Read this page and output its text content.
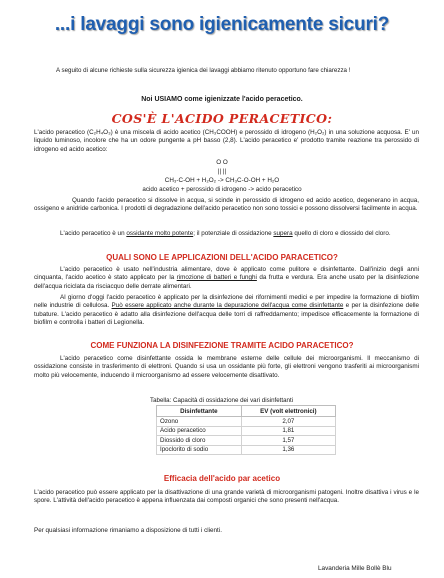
...i lavaggi sono igienicamente sicuri?
A seguito di alcune richieste sulla sicurezza igienica dei lavaggi abbiamo ritenuto opportuno fare chiarezza !
Noi USIAMO come igienizzate l'acido peracetico.
COS'È L'ACIDO PERACETICO:
L'acido peracetico (C₂H₄O₃) è una miscela di acido acetico (CH₃COOH) e perossido di idrogeno (H₂O₂) in una soluzione acquosa. E' un liquido luminoso, incolore che ha un odore pungente a pH basso (2,8). L'acido peracetico e' prodotto tramite reazione tra perossido di idrogeno ed acido acetico:
O O
|| ||
CH₃-C-OH + H₂O₂ -> CH₃C-O-OH + H₂O
acido acetico + perossido di idrogeno -> acido peracetico
Quando l'acido peracetico si dissolve in acqua, si scinde in perossido di idrogeno ed acido acetico, degenerano in acqua, ossigeno e anidride carbonica. I prodotti di degradazione dell'acido peracetico non sono tossici e possono dissolversi facilmente in acqua.
L'acido peracetico è un ossidante molto potente; il potenziale di ossidazione supera quello di cloro e diossido del cloro.
QUALI SONO LE APPLICAZIONI DELL'ACIDO PARACETICO?
L'acido peracetico è usato nell'industria alimentare, dove è applicato come pulitore e disinfettante. Dall'inizio degli anni cinquanta, l'acido acetico è stato applicato per la rimozione di batteri e funghi da frutta e verdura. Era anche usato per la disinfezione dell'acqua riciclata da risciacquo delle derrate alimentari.
Al giorno d'oggi l'acido peracetico è applicato per la disinfezione dei rifornimenti medici e per impedire la formazione di biofilm nelle industrie di cellulosa. Può essere applicato anche durante la depurazione dell'acqua come disinfettante e per la disinfezione delle tubature. L'acido peracetico è adatto alla disinfezione dell'acqua delle torri di raffreddamento; impedisce efficacemente la formazione di biofilm e controlla i batteri di Legionella.
COME FUNZIONA LA DISINFEZIONE TRAMITE ACIDO PARACETICO?
L'acido peracetico come disinfettante ossida le membrane esterne delle cellule dei microorganismi. Il meccanismo di ossidazione consiste in trasferimento di elettroni. Quando si usa un ossidante più forte, gli elettroni vengono trasferiti ai microorganismi molto più velocemente, inducendo il microorganismo ad essere velocemente disattivato.
Tabella: Capacità di ossidazione dei vari disinfettanti
Disinfettante	EV (volt elettronici)
Ozono	2,07
Acido peracetico	1,81
Diossido di cloro	1,57
Ipoclorito di sodio	1,36
Efficacia dell'acido par acetico
L'acido peracetico può essere applicato per la disattivazione di una grande varietà di microorganismi patogeni. Inoltre disattiva i virus e le spore. L'attività dell'acido peracetico è appena influenzata dai composti organici che sono presenti nell'acqua.
Per qualsiasi informazione rimaniamo a disposizione di tutti i clienti.
Lavanderia Mille Bollè Blu
